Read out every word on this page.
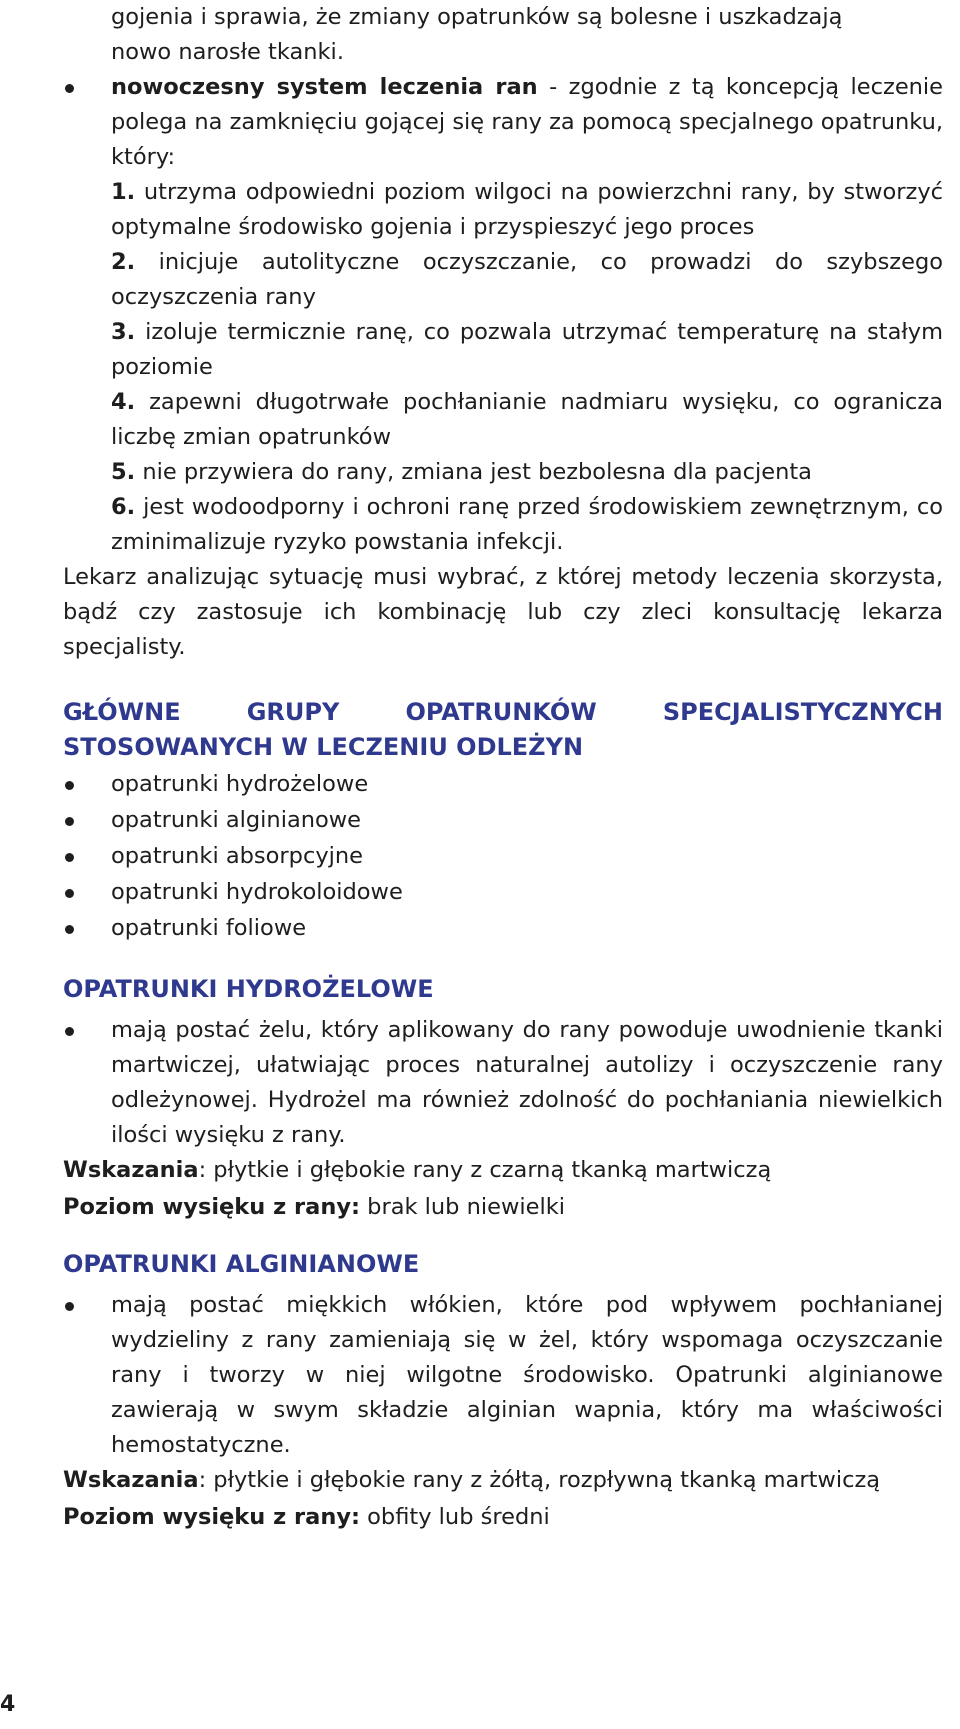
gojenia i sprawia, że zmiany opatrunków są bolesne i uszkadzają

nowo narosłe tkanki.

nowoczesny system leczenia ran - zgodnie z tą koncepcją leczenie polega na zamknięciu gojącej się rany za pomocą specjalnego opatrunku, który:
1. utrzyma odpowiedni poziom wilgoci na powierzchni rany, by stworzyć optymalne środowisko gojenia i przyspieszyć jego proces
2. inicjuje autolityczne oczyszczanie, co prowadzi do szybszego oczyszczenia rany
3. izoluje termicznie ranę, co pozwala utrzymać temperaturę na stałym poziomie
4. zapewni długotrwałe pochłanianie nadmiaru wysięku, co ogranicza liczbę zmian opatrunków
5. nie przywiera do rany, zmiana jest bezbolesna dla pacjenta
6. jest wodoodporny i ochroni ranę przed środowiskiem zewnętrznym, co zminimalizuje ryzyko powstania infekcji.

Lekarz analizując sytuację musi wybrać, z której metody leczenia skorzysta, bądź czy zastosuje ich kombinację lub czy zleci konsultację lekarza specjalisty.

GŁÓWNE GRUPY OPATRUNKÓW SPECJALISTYCZNYCH

STOSOWANYCH W LECZENIU ODLEŻYN

opatrunki hydrożelowe
opatrunki alginianowe
opatrunki absorpcyjne
opatrunki hydrokoloidowe
opatrunki foliowe

OPATRUNKI HYDROŻELOWE

mają postać żelu, który aplikowany do rany powoduje uwodnienie tkanki martwiczej, ułatwiając proces naturalnej autolizy i oczyszczenie rany odleżynowej. Hydrożel ma również zdolność do pochłaniania niewielkich ilości wysięku z rany.

Wskazania: płytkie i głębokie rany z czarną tkanką martwiczą

Poziom wysięku z rany: brak lub niewielki

OPATRUNKI ALGINIANOWE

mają postać miękkich włókien, które pod wpływem pochłanianej wydzieliny z rany zamieniają się w żel, który wspomaga oczyszczanie rany i tworzy w niej wilgotne środowisko. Opatrunki alginianowe zawierają w swym składzie alginian wapnia, który ma właściwości hemostatyczne.

Wskazania: płytkie i głębokie rany z żółtą, rozpływną tkanką martwiczą

Poziom wysięku z rany: obfity lub średni

4
